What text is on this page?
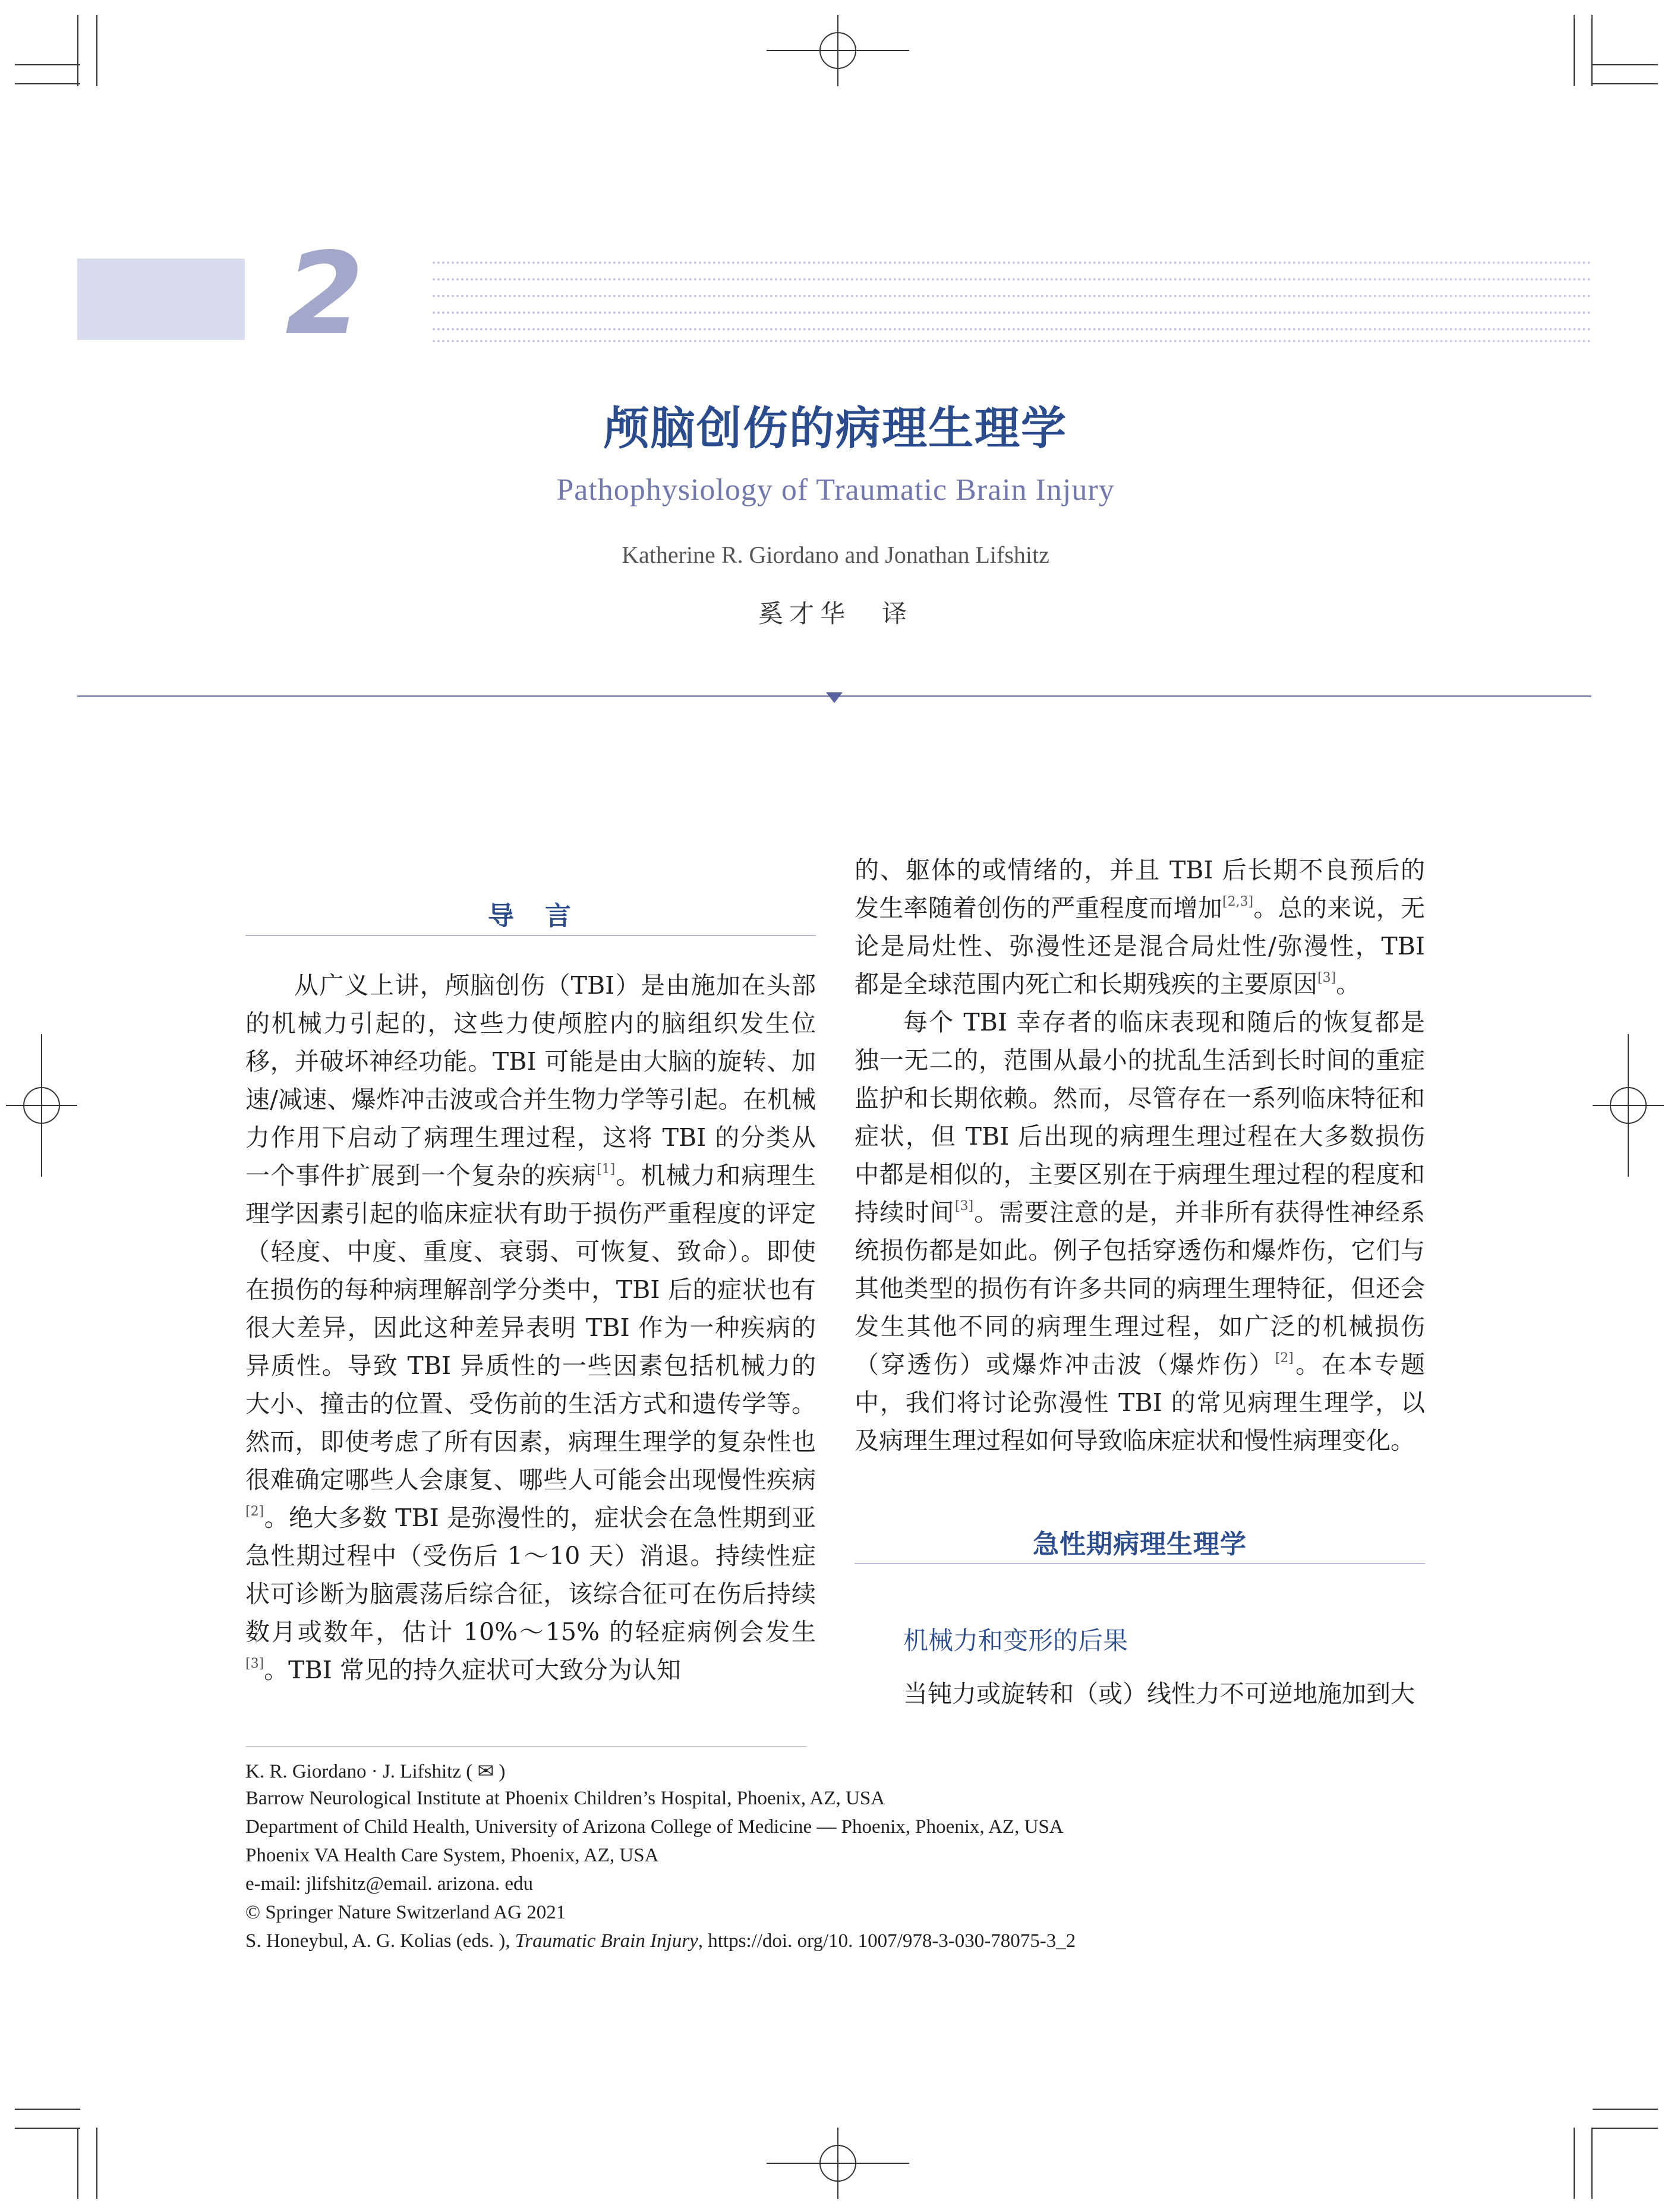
2
颅脑创伤的病理生理学
Pathophysiology of Traumatic Brain Injury
Katherine R. Giordano and Jonathan Lifshitz
奚才华　译
导　言

从广义上讲，颅脑创伤（TBI）是由施加在头部的机械力引起的，这些力使颅腔内的脑组织发生位移，并破坏神经功能。TBI 可能是由大脑的旋转、加速/减速、爆炸冲击波或合并生物力学等引起。在机械力作用下启动了病理生理过程，这将 TBI 的分类从一个事件扩展到一个复杂的疾病[1]。机械力和病理生理学因素引起的临床症状有助于损伤严重程度的评定（轻度、中度、重度、衰弱、可恢复、致命）。即使在损伤的每种病理解剖学分类中，TBI 后的症状也有很大差异，因此这种差异表明 TBI 作为一种疾病的异质性。导致 TBI 异质性的一些因素包括机械力的大小、撞击的位置、受伤前的生活方式和遗传学等。然而，即使考虑了所有因素，病理生理学的复杂性也很难确定哪些人会康复、哪些人可能会出现慢性疾病[2]。绝大多数 TBI 是弥漫性的，症状会在急性期到亚急性期过程中（受伤后 1～10 天）消退。持续性症状可诊断为脑震荡后综合征，该综合征可在伤后持续数月或数年，估计 10%～15% 的轻症病例会发生[3]。TBI 常见的持久症状可大致分为认知

的、躯体的或情绪的，并且 TBI 后长期不良预后的发生率随着创伤的严重程度而增加[2,3]。总的来说，无论是局灶性、弥漫性还是混合局灶性/弥漫性，TBI 都是全球范围内死亡和长期残疾的主要原因[3]。

每个 TBI 幸存者的临床表现和随后的恢复都是独一无二的，范围从最小的扰乱生活到长时间的重症监护和长期依赖。然而，尽管存在一系列临床特征和症状，但 TBI 后出现的病理生理过程在大多数损伤中都是相似的，主要区别在于病理生理过程的程度和持续时间[3]。需要注意的是，并非所有获得性神经系统损伤都是如此。例子包括穿透伤和爆炸伤，它们与其他类型的损伤有许多共同的病理生理特征，但还会发生其他不同的病理生理过程，如广泛的机械损伤（穿透伤）或爆炸冲击波（爆炸伤）[2]。在本专题中，我们将讨论弥漫性 TBI 的常见病理生理学，以及病理生理过程如何导致临床症状和慢性病理变化。

急性期病理生理学
机械力和变形的后果

当钝力或旋转和（或）线性力不可逆地施加到大

K. R. Giordano · J. Lifshitz ( ✉ )
Barrow Neurological Institute at Phoenix Children’s Hospital, Phoenix, AZ, USA
Department of Child Health, University of Arizona College of Medicine — Phoenix, Phoenix, AZ, USA
Phoenix VA Health Care System, Phoenix, AZ, USA
e-mail: jlifshitz@email. arizona. edu
© Springer Nature Switzerland AG 2021
S. Honeybul, A. G. Kolias (eds. ), Traumatic Brain Injury, https://doi. org/10. 1007/978-3-030-78075-3_2
